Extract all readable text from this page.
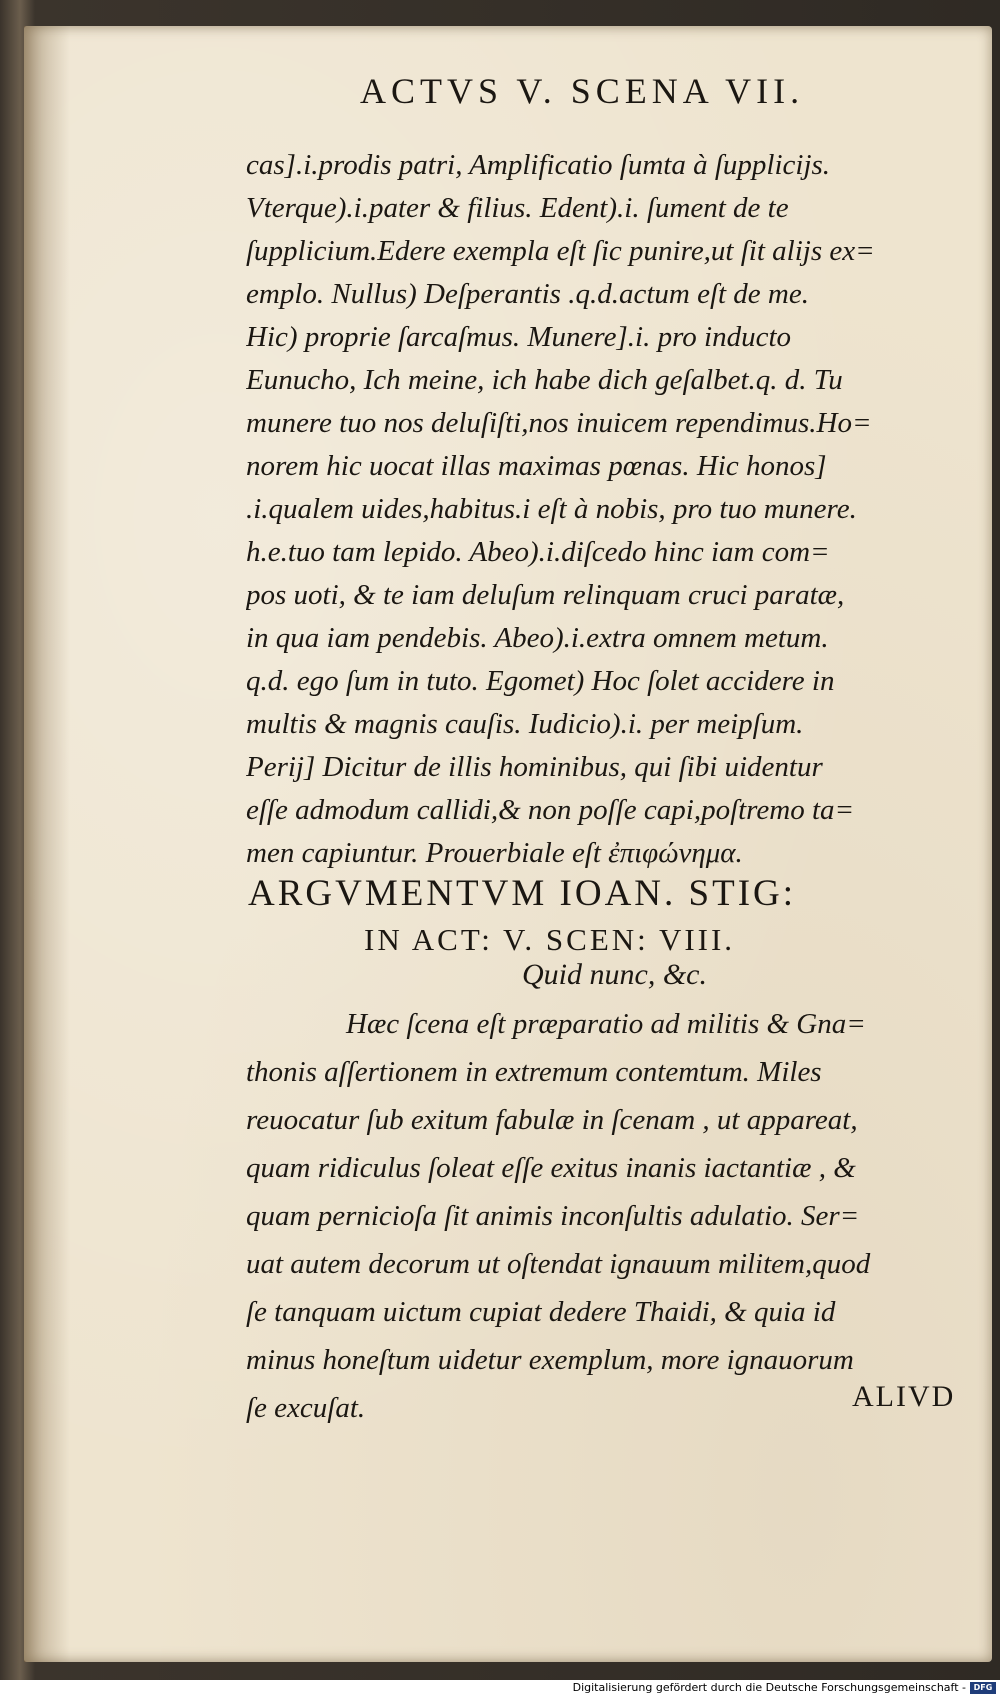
ACTVS V. SCENA VII.
cas].i.prodis patri, Amplificatio ſumta à ſupplicijs.
Vterque).i.pater & filius. Edent).i. ſument de te
ſupplicium.Edere exempla eſt ſic punire,ut ſit alijs ex=
emplo. Nullus) Deſperantis .q.d.actum eſt de me.
Hic) proprie ſarcaſmus. Munere].i. pro inducto
Eunucho, Ich meine, ich habe dich geſalbet.q. d. Tu
munere tuo nos deluſiſti,nos inuicem rependimus.Ho=
norem hic uocat illas maximas pœnas. Hic honos]
.i.qualem uides,habitus.i eſt à nobis, pro tuo munere.
h.e.tuo tam lepido. Abeo).i.diſcedo hinc iam com=
pos uoti, & te iam deluſum relinquam cruci paratæ,
in qua iam pendebis. Abeo).i.extra omnem metum.
q.d. ego ſum in tuto. Egomet) Hoc ſolet accidere in
multis & magnis cauſis. Iudicio).i. per meipſum.
Perij] Dicitur de illis hominibus, qui ſibi uidentur
eſſe admodum callidi,& non poſſe capi,poſtremo ta=
men capiuntur. Prouerbiale eſt ἐπιφώνημα.
ARGVMENTVM IOAN. STIG:
IN ACT: V. SCEN: VIII.
Quid nunc, &c.
Hæc ſcena eſt præparatio ad militis & Gna=
thonis aſſertionem in extremum contemtum. Miles
reuocatur ſub exitum fabulæ in ſcenam , ut appareat,
quam ridiculus ſoleat eſſe exitus inanis iactantiæ , &
quam pernicioſa ſit animis inconſultis adulatio. Ser=
uat autem decorum ut oſtendat ignauum militem,quod
ſe tanquam uictum cupiat dedere Thaidi, & quia id
minus honeſtum uidetur exemplum, more ignauorum
ſe excuſat.	ALIVD
Digitalisierung gefördert durch die Deutsche Forschungsgemeinschaft - DFG
